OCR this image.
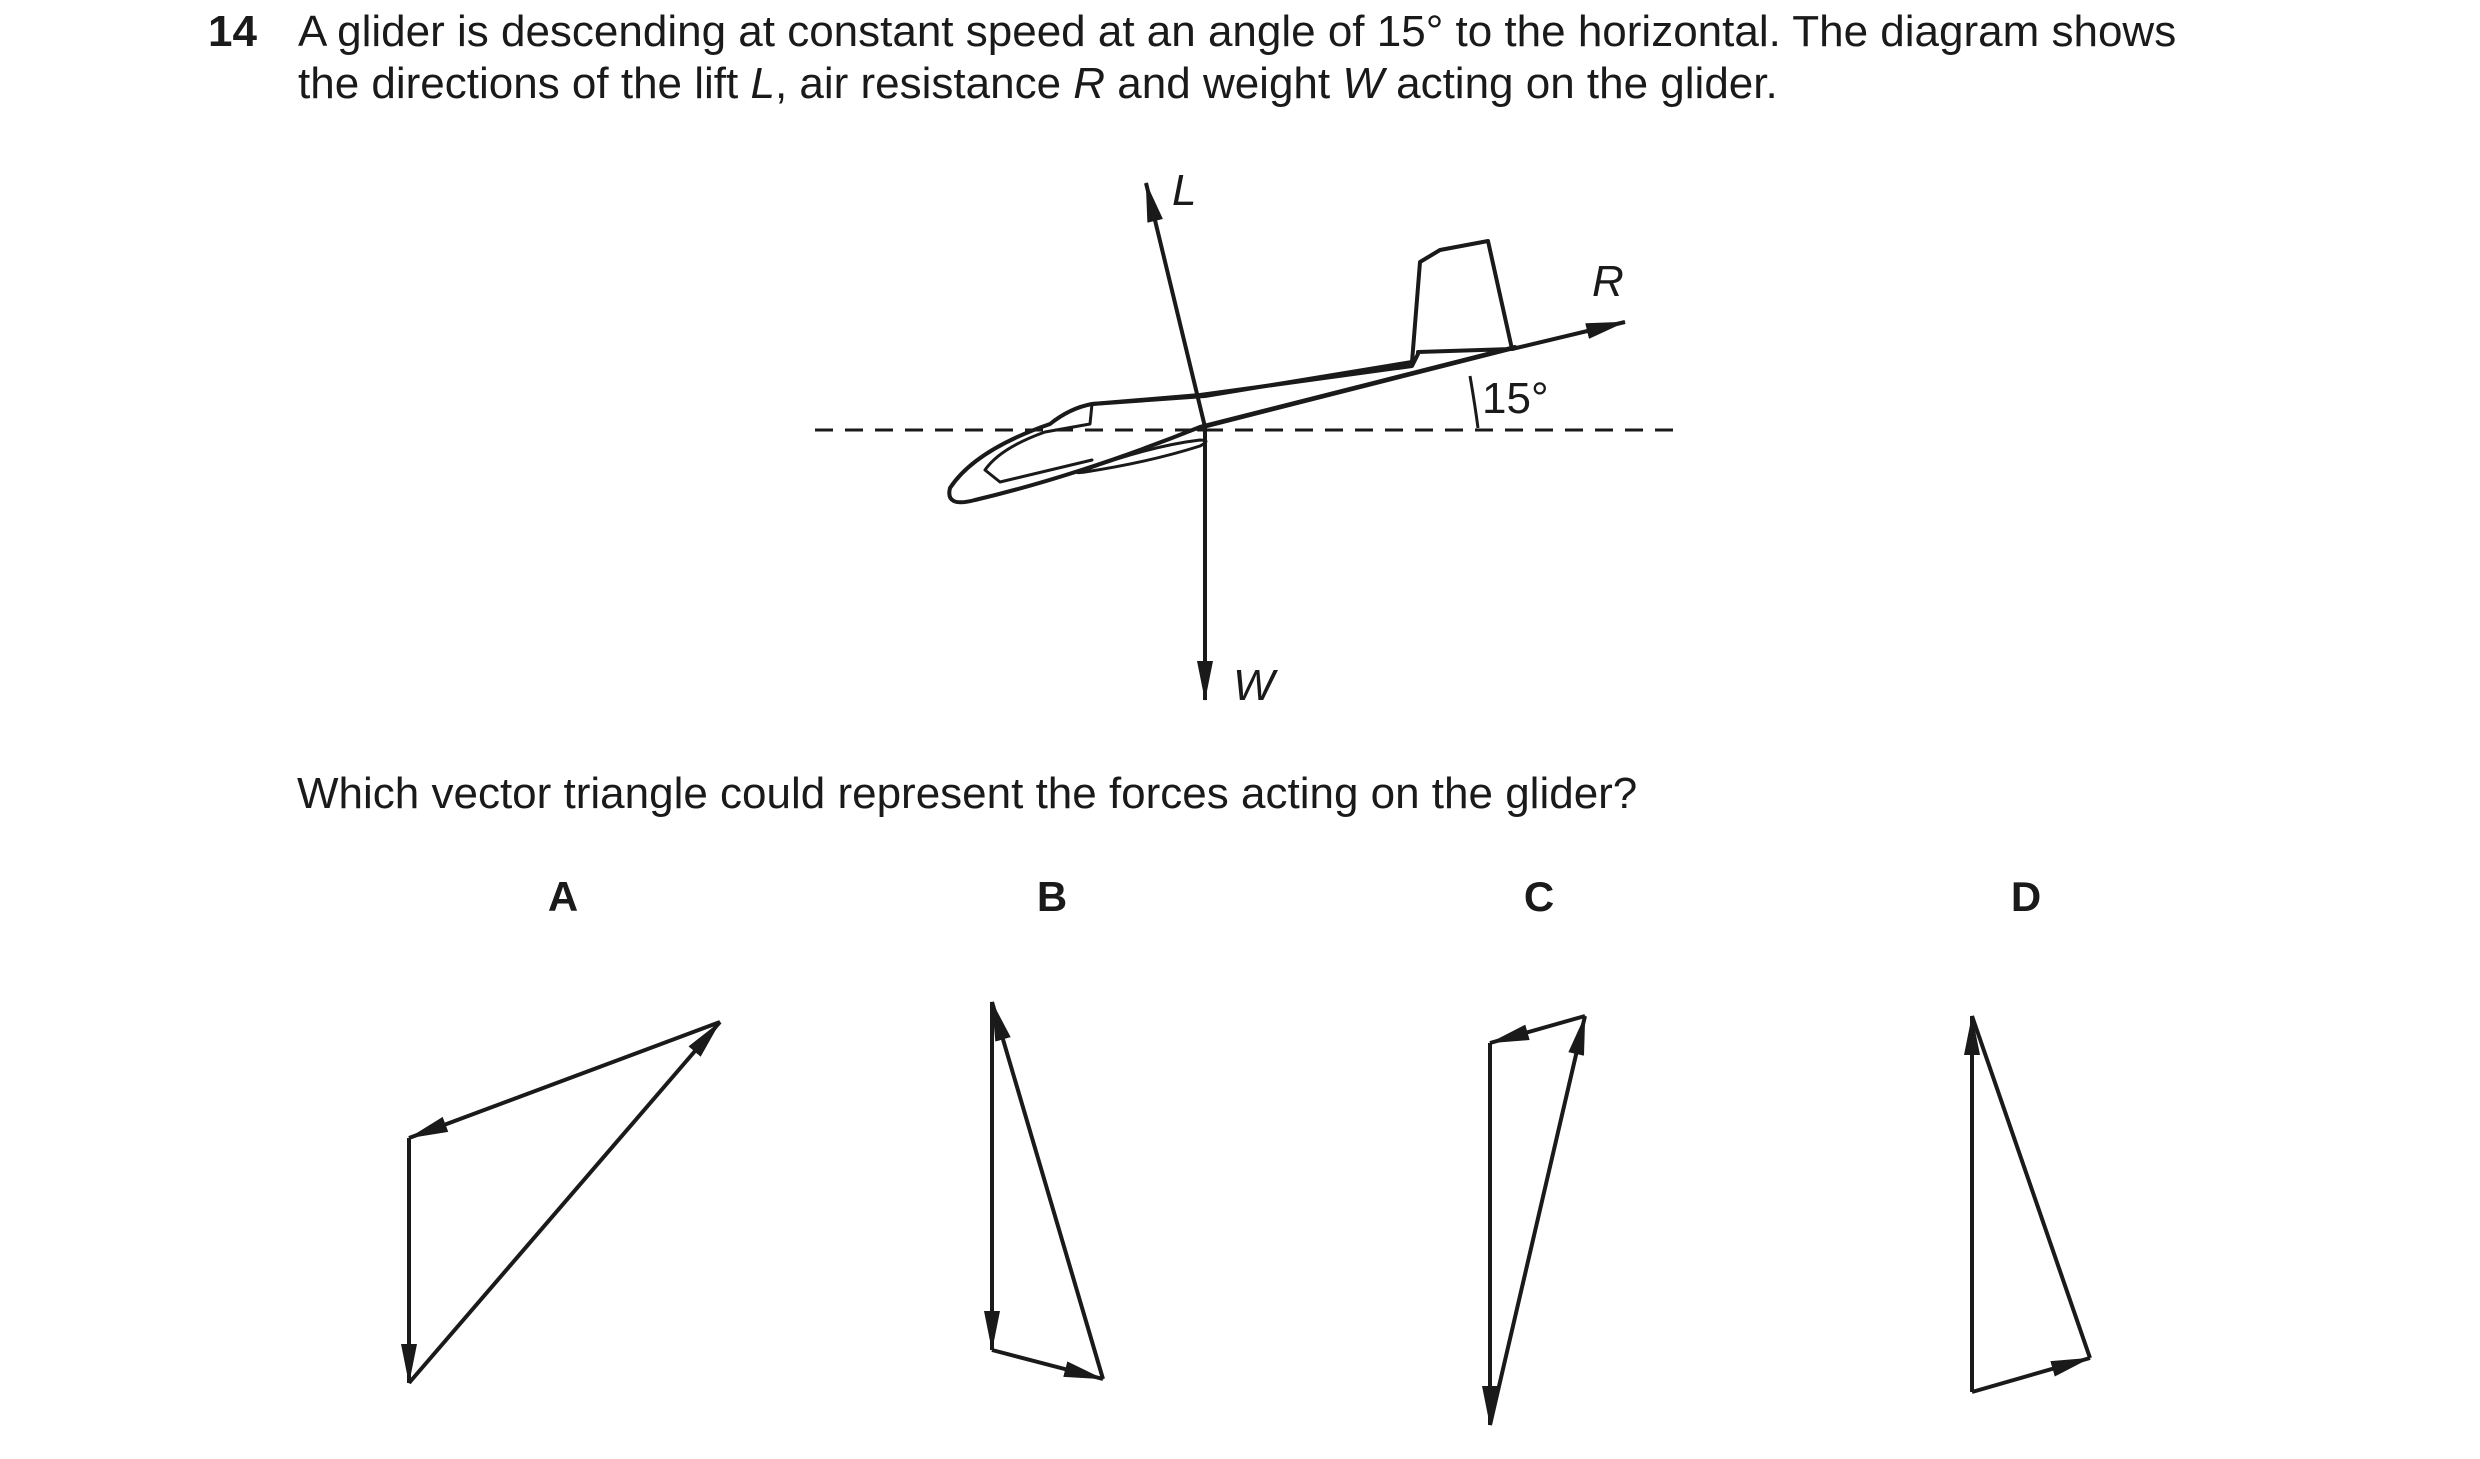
14 A glider is descending at constant speed at an angle of 15° to the horizontal. The diagram shows
the directions of the lift L, air resistance R and weight W acting on the glider.
L
R
W
15°
Which vector triangle could represent the forces acting on the glider?
A	B	C	D
